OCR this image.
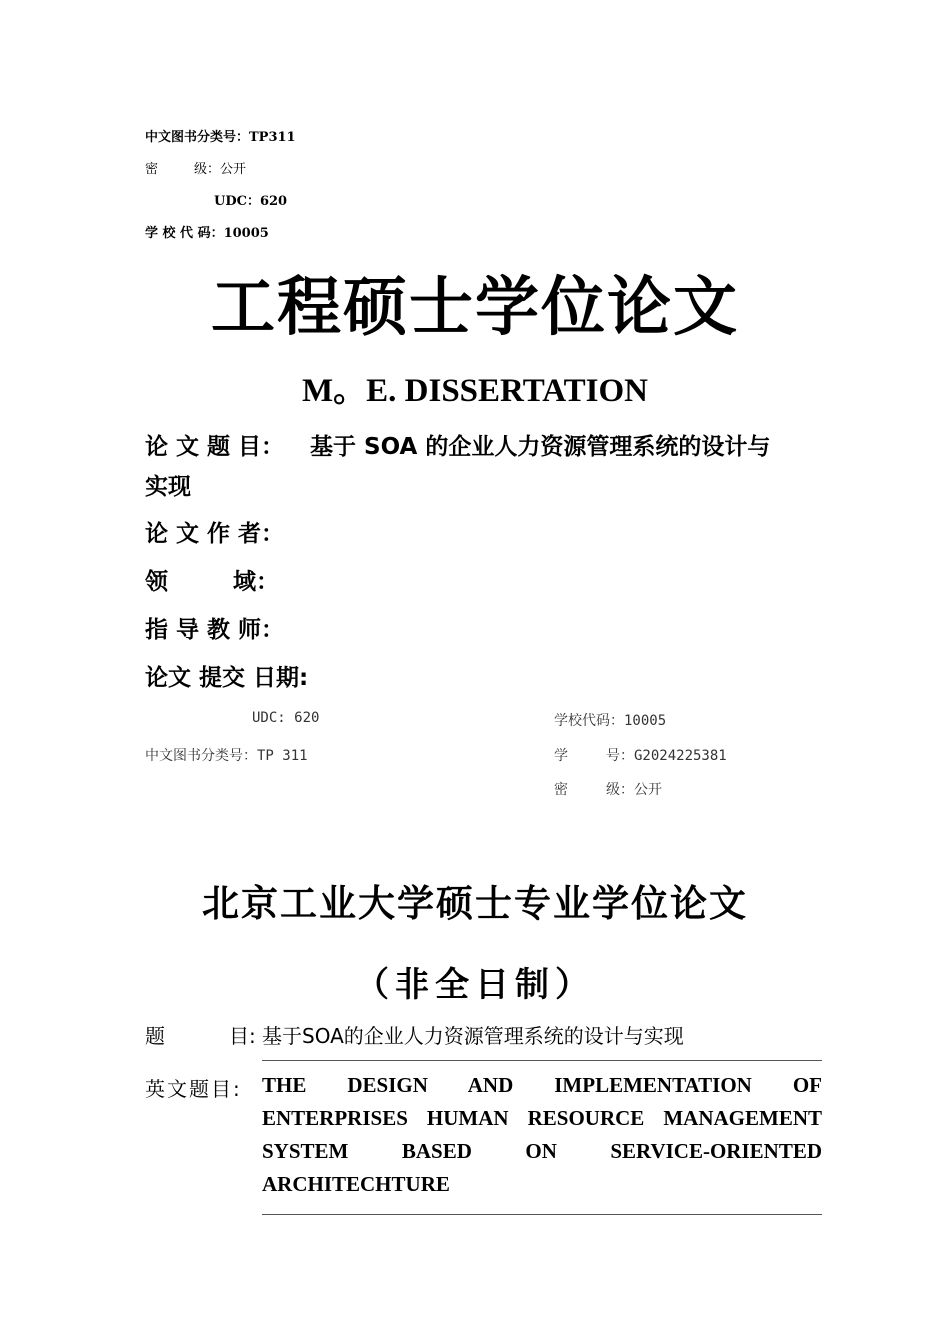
中文图书分类号：TP311
密	级：公开
UDC：620
学 校 代 码：10005
工程硕士学位论文
M。E. DISSERTATION
论 文 题 目： 基于 SOA 的企业人力资源管理系统的设计与
实现
论 文 作 者：
领	域：
指 导 教 师：
论文 提交 日期:
UDC: 620	学校代码：10005
中文图书分类号：TP 311	学	号：G2024225381
密	级：公开
北京工业大学硕士专业学位论文
（非全日制）
题	目: 基于SOA的企业人力资源管理系统的设计与实现
英文题目: THE DESIGN AND IMPLEMENTATION OF ENTERPRISES HUMAN RESOURCE MANAGEMENT SYSTEM BASED ON SERVICE-ORIENTED ARCHITECHTURE
